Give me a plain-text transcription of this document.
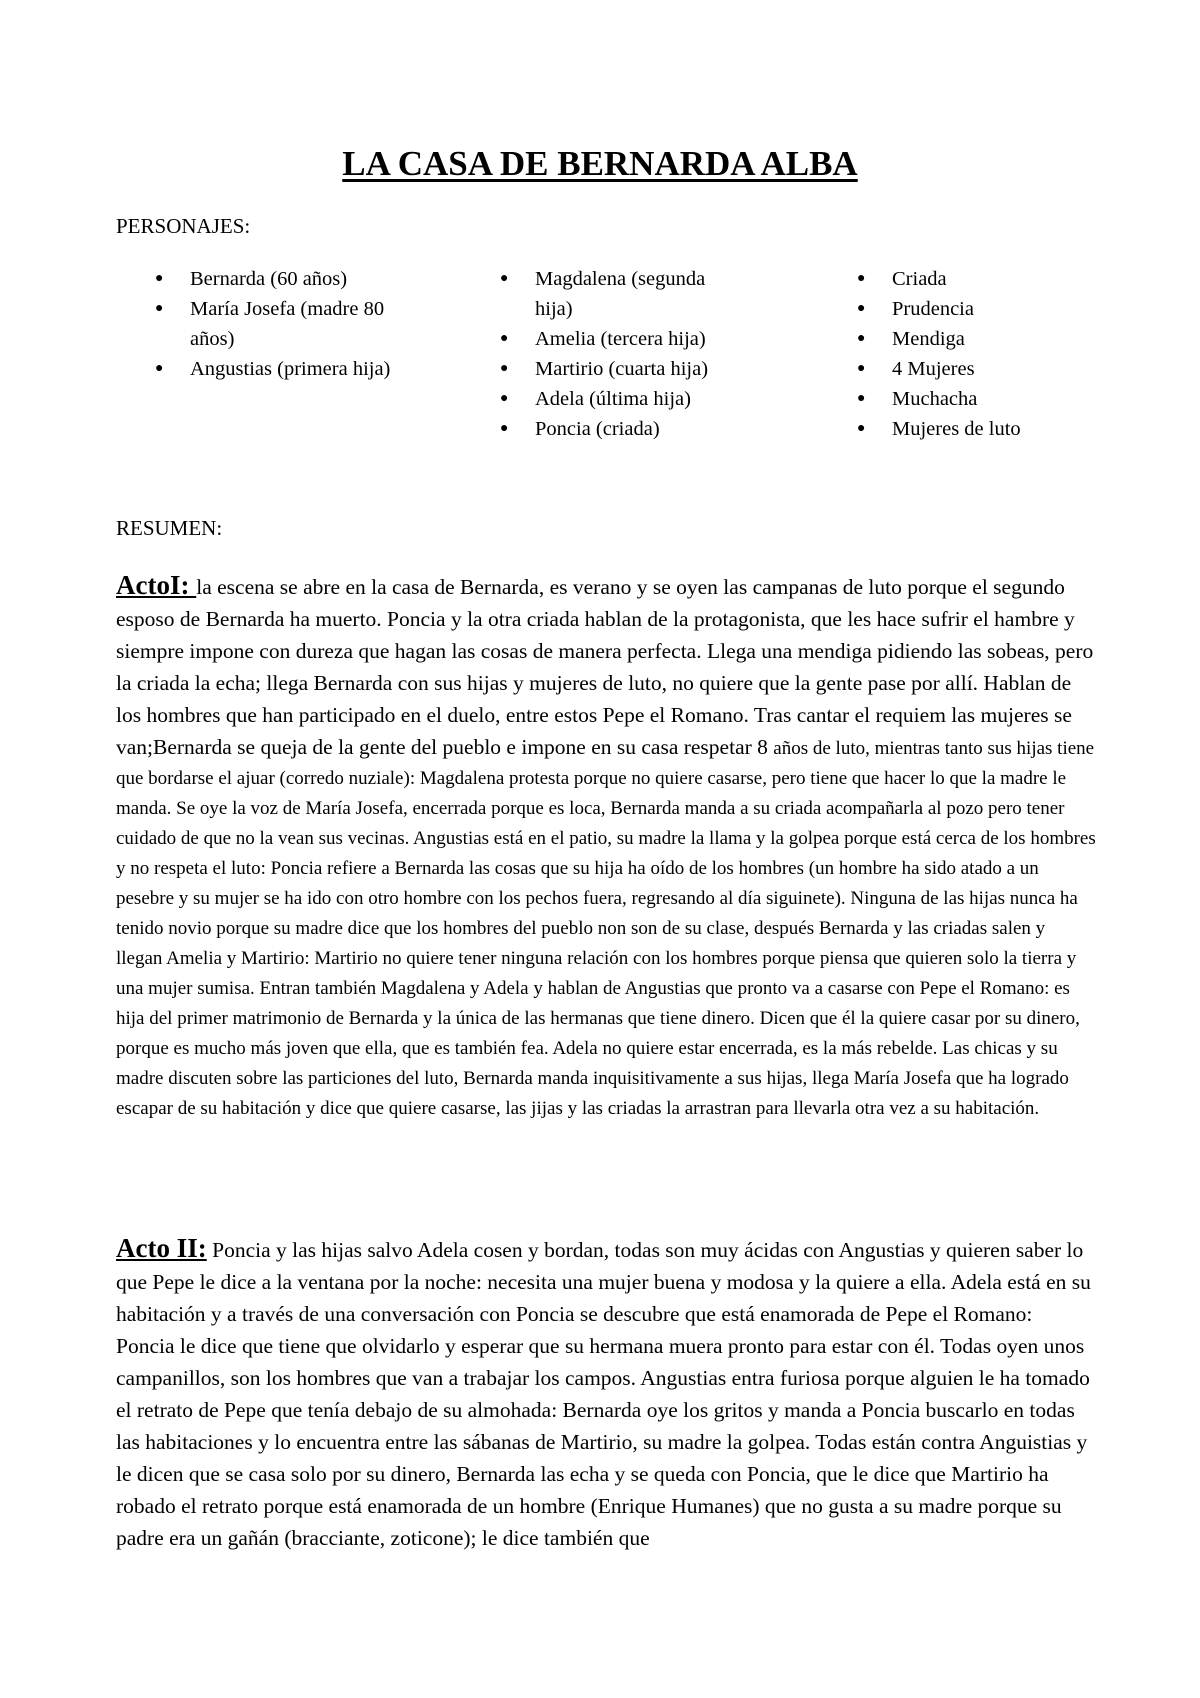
LA CASA DE BERNARDA ALBA

PERSONAJES:

● Bernarda (60 años)
● María Josefa (madre 80 años)
● Angustias (primera hija)
● Magdalena (segunda hija)
● Amelia (tercera hija)
● Martirio (cuarta hija)
● Adela (última hija)
● Poncia (criada)
● Criada
● Prudencia
● Mendiga
● 4 Mujeres
● Muchacha
● Mujeres de luto

RESUMEN:

ActoI: la escena se abre en la casa de Bernarda, es verano y se oyen las campanas de luto porque el segundo esposo de Bernarda ha muerto. Poncia y la otra criada hablan de la protagonista, que les hace sufrir el hambre y siempre impone con dureza que hagan las cosas de manera perfecta. Llega una mendiga pidiendo las sobeas, pero la criada la echa; llega Bernarda con sus hijas y mujeres de luto, no quiere que la gente pase por allí. Hablan de los hombres que han participado en el duelo, entre estos Pepe el Romano. Tras cantar el requiem las mujeres se van;Bernarda se queja de la gente del pueblo e impone en su casa respetar 8 años de luto, mientras tanto sus hijas tiene que bordarse el ajuar (corredo nuziale): Magdalena protesta porque no quiere casarse, pero tiene que hacer lo que la madre le manda. Se oye la voz de María Josefa, encerrada porque es loca, Bernarda manda a su criada acompañarla al pozo pero tener cuidado de que no la vean sus vecinas. Angustias está en el patio, su madre la llama y la golpea porque está cerca de los hombres y no respeta el luto: Poncia refiere a Bernarda las cosas que su hija ha oído de los hombres (un hombre ha sido atado a un pesebre y su mujer se ha ido con otro hombre con los pechos fuera, regresando al día siguinete). Ninguna de las hijas nunca ha tenido novio porque su madre dice que los hombres del pueblo non son de su clase, después Bernarda y las criadas salen y llegan Amelia y Martirio: Martirio no quiere tener ninguna relación con los hombres porque piensa que quieren solo la tierra y una mujer sumisa. Entran también Magdalena y Adela y hablan de Angustias que pronto va a casarse con Pepe el Romano: es hija del primer matrimonio de Bernarda y la única de las hermanas que tiene dinero. Dicen que él la quiere casar por su dinero, porque es mucho más joven que ella, que es también fea. Adela no quiere estar encerrada, es la más rebelde. Las chicas y su madre discuten sobre las particiones del luto, Bernarda manda inquisitivamente a sus hijas, llega María Josefa que ha logrado escapar de su habitación y dice que quiere casarse, las jijas y las criadas la arrastran para llevarla otra vez a su habitación.

Acto II: Poncia y las hijas salvo Adela cosen y bordan, todas son muy ácidas con Angustias y quieren saber lo que Pepe le dice a la ventana por la noche: necesita una mujer buena y modosa y la quiere a ella. Adela está en su habitación y a través de una conversación con Poncia se descubre que está enamorada de Pepe el Romano: Poncia le dice que tiene que olvidarlo y esperar que su hermana muera pronto para estar con él. Todas oyen unos campanillos, son los hombres que van a trabajar los campos. Angustias entra furiosa porque alguien le ha tomado el retrato de Pepe que tenía debajo de su almohada: Bernarda oye los gritos y manda a Poncia buscarlo en todas las habitaciones y lo encuentra entre las sábanas de Martirio, su madre la golpea. Todas están contra Anguistias y le dicen que se casa solo por su dinero, Bernarda las echa y se queda con Poncia, que le dice que Martirio ha robado el retrato porque está enamorada de un hombre (Enrique Humanes) que no gusta a su madre porque su padre era un gañán (bracciante, zoticone); le dice también que
